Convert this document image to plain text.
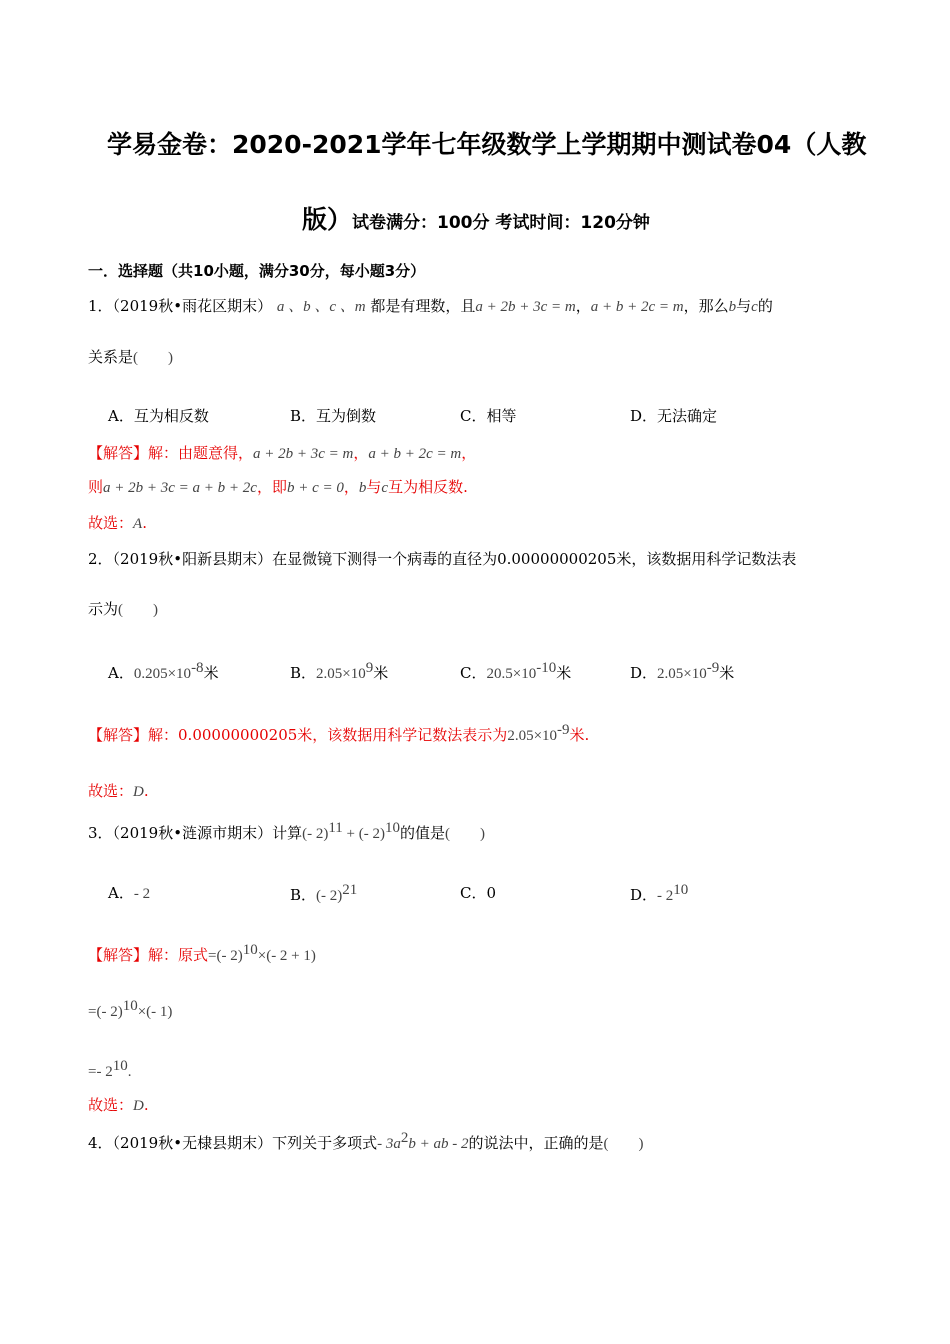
学易金卷：2020-2021学年七年级数学上学期期中测试卷04（人教
版）试卷满分：100分 考试时间：120分钟
一．选择题（共10小题，满分30分，每小题3分）
1．（2019秋•雨花区期末） a 、b 、c 、m 都是有理数，且a + 2b + 3c = m，a + b + 2c = m，那么b与c的
关系是(　　)
A．互为相反数	B．互为倒数	C．相等	D．无法确定
【解答】解：由题意得，a + 2b + 3c = m，a + b + 2c = m，
则a + 2b + 3c = a + b + 2c，即b + c = 0，b与c互为相反数.
故选：A.
2．（2019秋•阳新县期末）在显微镜下测得一个病毒的直径为0.00000000205米，该数据用科学记数法表
示为(　　)
A．$0.205\times 10^{-8}$米	B．$2.05\times 10^9$米	C．$20.5\times 10^{-10}$米	D．$2.05\times 10^{-9}$米
【解答】解：0.00000000205米，该数据用科学记数法表示为$2.05\times 10^{-9}$米.
故选：D.
3．（2019秋•涟源市期末）计算(- 2)$^{11}$ + (- 2)$^{10}$的值是(　　)
A．- 2	B．(- 2)$^{21}$	C．0	D．- $2^{10}$
【解答】解：原式=(- 2)$^{10}$×(- 2 + 1)
=(- 2)$^{10}$×(- 1)
=- $2^{10}$.
故选：D.
4．（2019秋•无棣县期末）下列关于多项式- $3a^2b$ + ab - 2的说法中，正确的是(　　)
